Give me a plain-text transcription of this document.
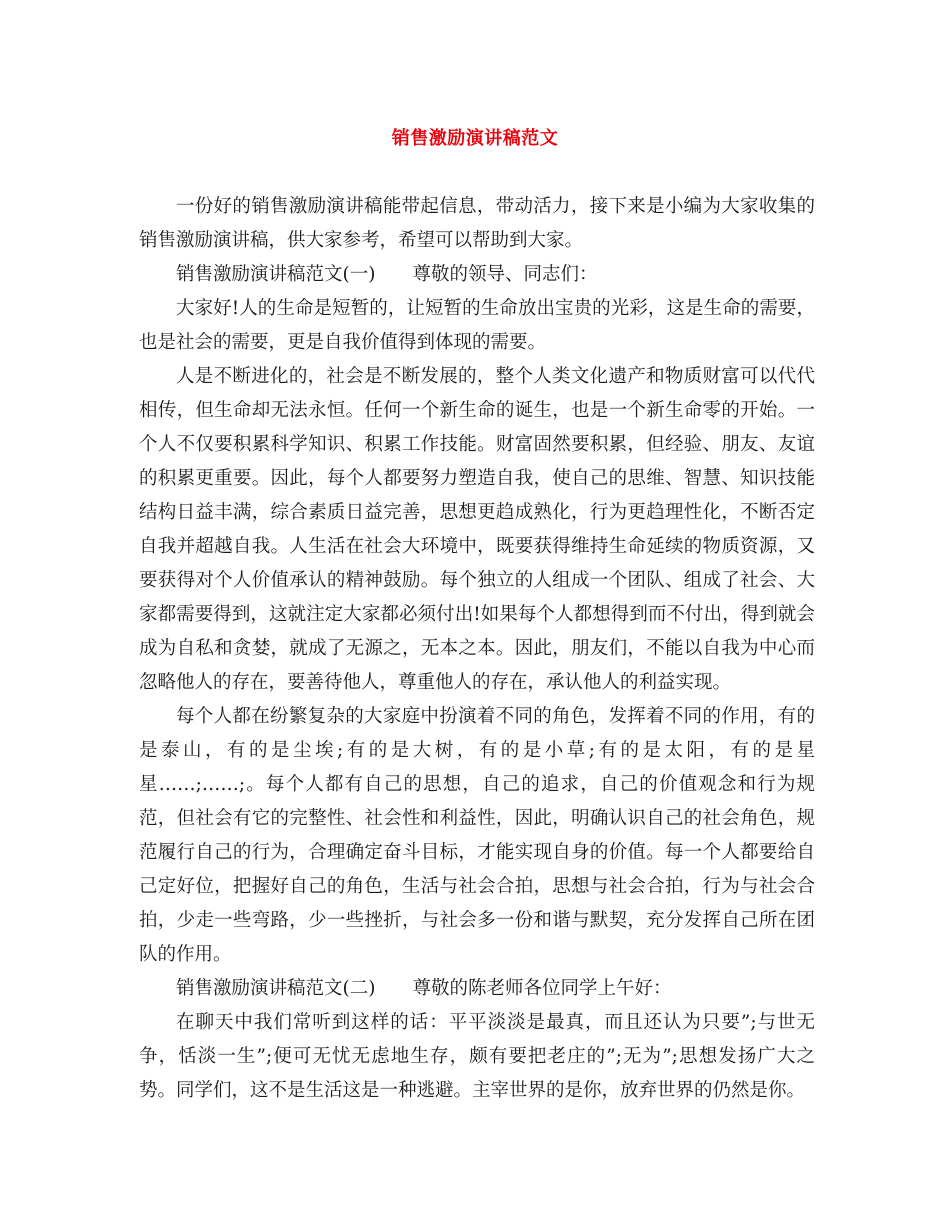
销售激励演讲稿范文

一份好的销售激励演讲稿能带起信息，带动活力，接下来是小编为大家收集的销售激励演讲稿，供大家参考，希望可以帮助到大家。

销售激励演讲稿范文(一) 尊敬的领导、同志们：

大家好!人的生命是短暂的，让短暂的生命放出宝贵的光彩，这是生命的需要，也是社会的需要，更是自我价值得到体现的需要。

人是不断进化的，社会是不断发展的，整个人类文化遗产和物质财富可以代代相传，但生命却无法永恒。任何一个新生命的诞生，也是一个新生命零的开始。一个人不仅要积累科学知识、积累工作技能。财富固然要积累，但经验、朋友、友谊的积累更重要。因此，每个人都要努力塑造自我，使自己的思维、智慧、知识技能结构日益丰满，综合素质日益完善，思想更趋成熟化，行为更趋理性化，不断否定自我并超越自我。人生活在社会大环境中，既要获得维持生命延续的物质资源，又要获得对个人价值承认的精神鼓励。每个独立的人组成一个团队、组成了社会、大家都需要得到，这就注定大家都必须付出!如果每个人都想得到而不付出，得到就会成为自私和贪婪，就成了无源之，无本之本。因此，朋友们，不能以自我为中心而忽略他人的存在，要善待他人，尊重他人的存在，承认他人的利益实现。

每个人都在纷繁复杂的大家庭中扮演着不同的角色，发挥着不同的作用，有的是泰山，有的是尘埃;有的是大树，有的是小草;有的是太阳，有的是星星……;……;。每个人都有自己的思想，自己的追求，自己的价值观念和行为规范，但社会有它的完整性、社会性和利益性，因此，明确认识自己的社会角色，规范履行自己的行为，合理确定奋斗目标，才能实现自身的价值。每一个人都要给自己定好位，把握好自己的角色，生活与社会合拍，思想与社会合拍，行为与社会合拍，少走一些弯路，少一些挫折，与社会多一份和谐与默契，充分发挥自己所在团队的作用。

销售激励演讲稿范文(二) 尊敬的陈老师各位同学上午好：

在聊天中我们常听到这样的话：平平淡淡是最真，而且还认为只要”;与世无争，恬淡一生”;便可无忧无虑地生存，颇有要把老庄的”;无为”;思想发扬广大之势。同学们，这不是生活这是一种逃避。主宰世界的是你，放弃世界的仍然是你。
